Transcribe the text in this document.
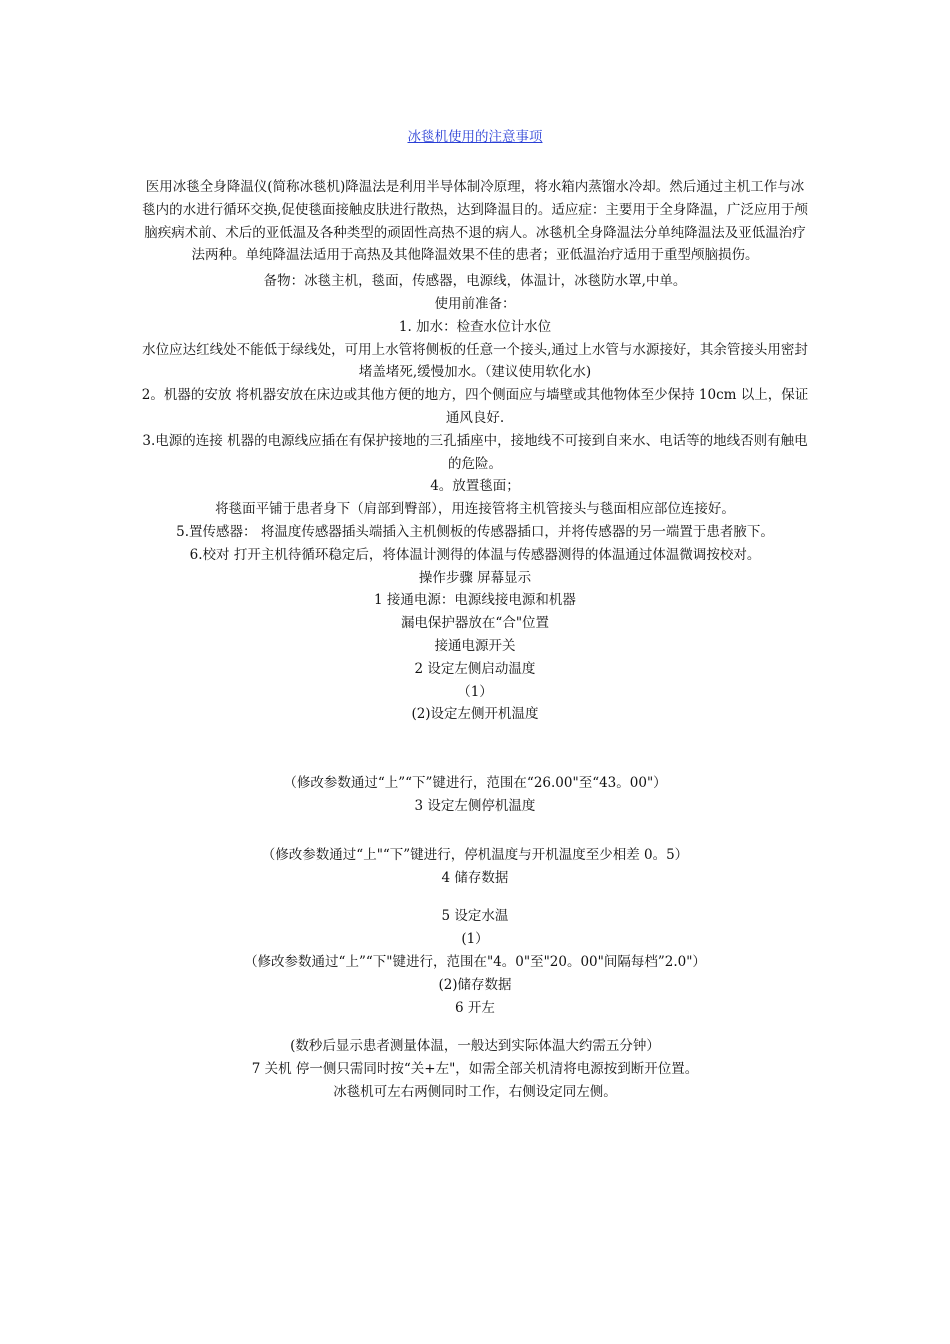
冰毯机使用的注意事项

医用冰毯全身降温仪(简称冰毯机)降温法是利用半导体制冷原理，将水箱内蒸馏水冷却。然后通过主机工作与冰毯内的水进行循环交换,促使毯面接触皮肤进行散热，达到降温目的。适应症：主要用于全身降温，广泛应用于颅脑疾病术前、术后的亚低温及各种类型的顽固性高热不退的病人。冰毯机全身降温法分单纯降温法及亚低温治疗法两种。单纯降温法适用于高热及其他降温效果不佳的患者；亚低温治疗适用于重型颅脑损伤。

备物：冰毯主机，毯面，传感器，电源线，体温计，冰毯防水罩,中单。

使用前准备：

1. 加水：检查水位计水位

水位应达红线处不能低于绿线处，可用上水管将侧板的任意一个接头,通过上水管与水源接好，其余管接头用密封堵盖堵死,缓慢加水。（建议使用软化水)

2。机器的安放 将机器安放在床边或其他方便的地方，四个侧面应与墙壁或其他物体至少保持 10cm 以上，保证通风良好.

3.电源的连接 机器的电源线应插在有保护接地的三孔插座中，接地线不可接到自来水、电话等的地线否则有触电的危险。

4。放置毯面；

将毯面平铺于患者身下（肩部到臀部），用连接管将主机管接头与毯面相应部位连接好。

5.置传感器： 将温度传感器插头端插入主机侧板的传感器插口，并将传感器的另一端置于患者腋下。

6.校对 打开主机待循环稳定后，将体温计测得的体温与传感器测得的体温通过体温微调按校对。

操作步骤 屏幕显示

1 接通电源：电源线接电源和机器

漏电保护器放在“合"位置

接通电源开关

2 设定左侧启动温度

（1）

(2)设定左侧开机温度

（修改参数通过“上”“下”键进行，范围在“26.00"至“43。00"）

3 设定左侧停机温度

（修改参数通过“上"“下”键进行，停机温度与开机温度至少相差 0。5）

4 储存数据

5 设定水温

(1）

（修改参数通过“上”“下"键进行，范围在"4。0"至"20。00"间隔每档”2.0"）

(2)储存数据

6 开左

(数秒后显示患者测量体温，一般达到实际体温大约需五分钟）

7 关机 停一侧只需同时按“关+左"，如需全部关机清将电源按到断开位置。

冰毯机可左右两侧同时工作，右侧设定同左侧。
